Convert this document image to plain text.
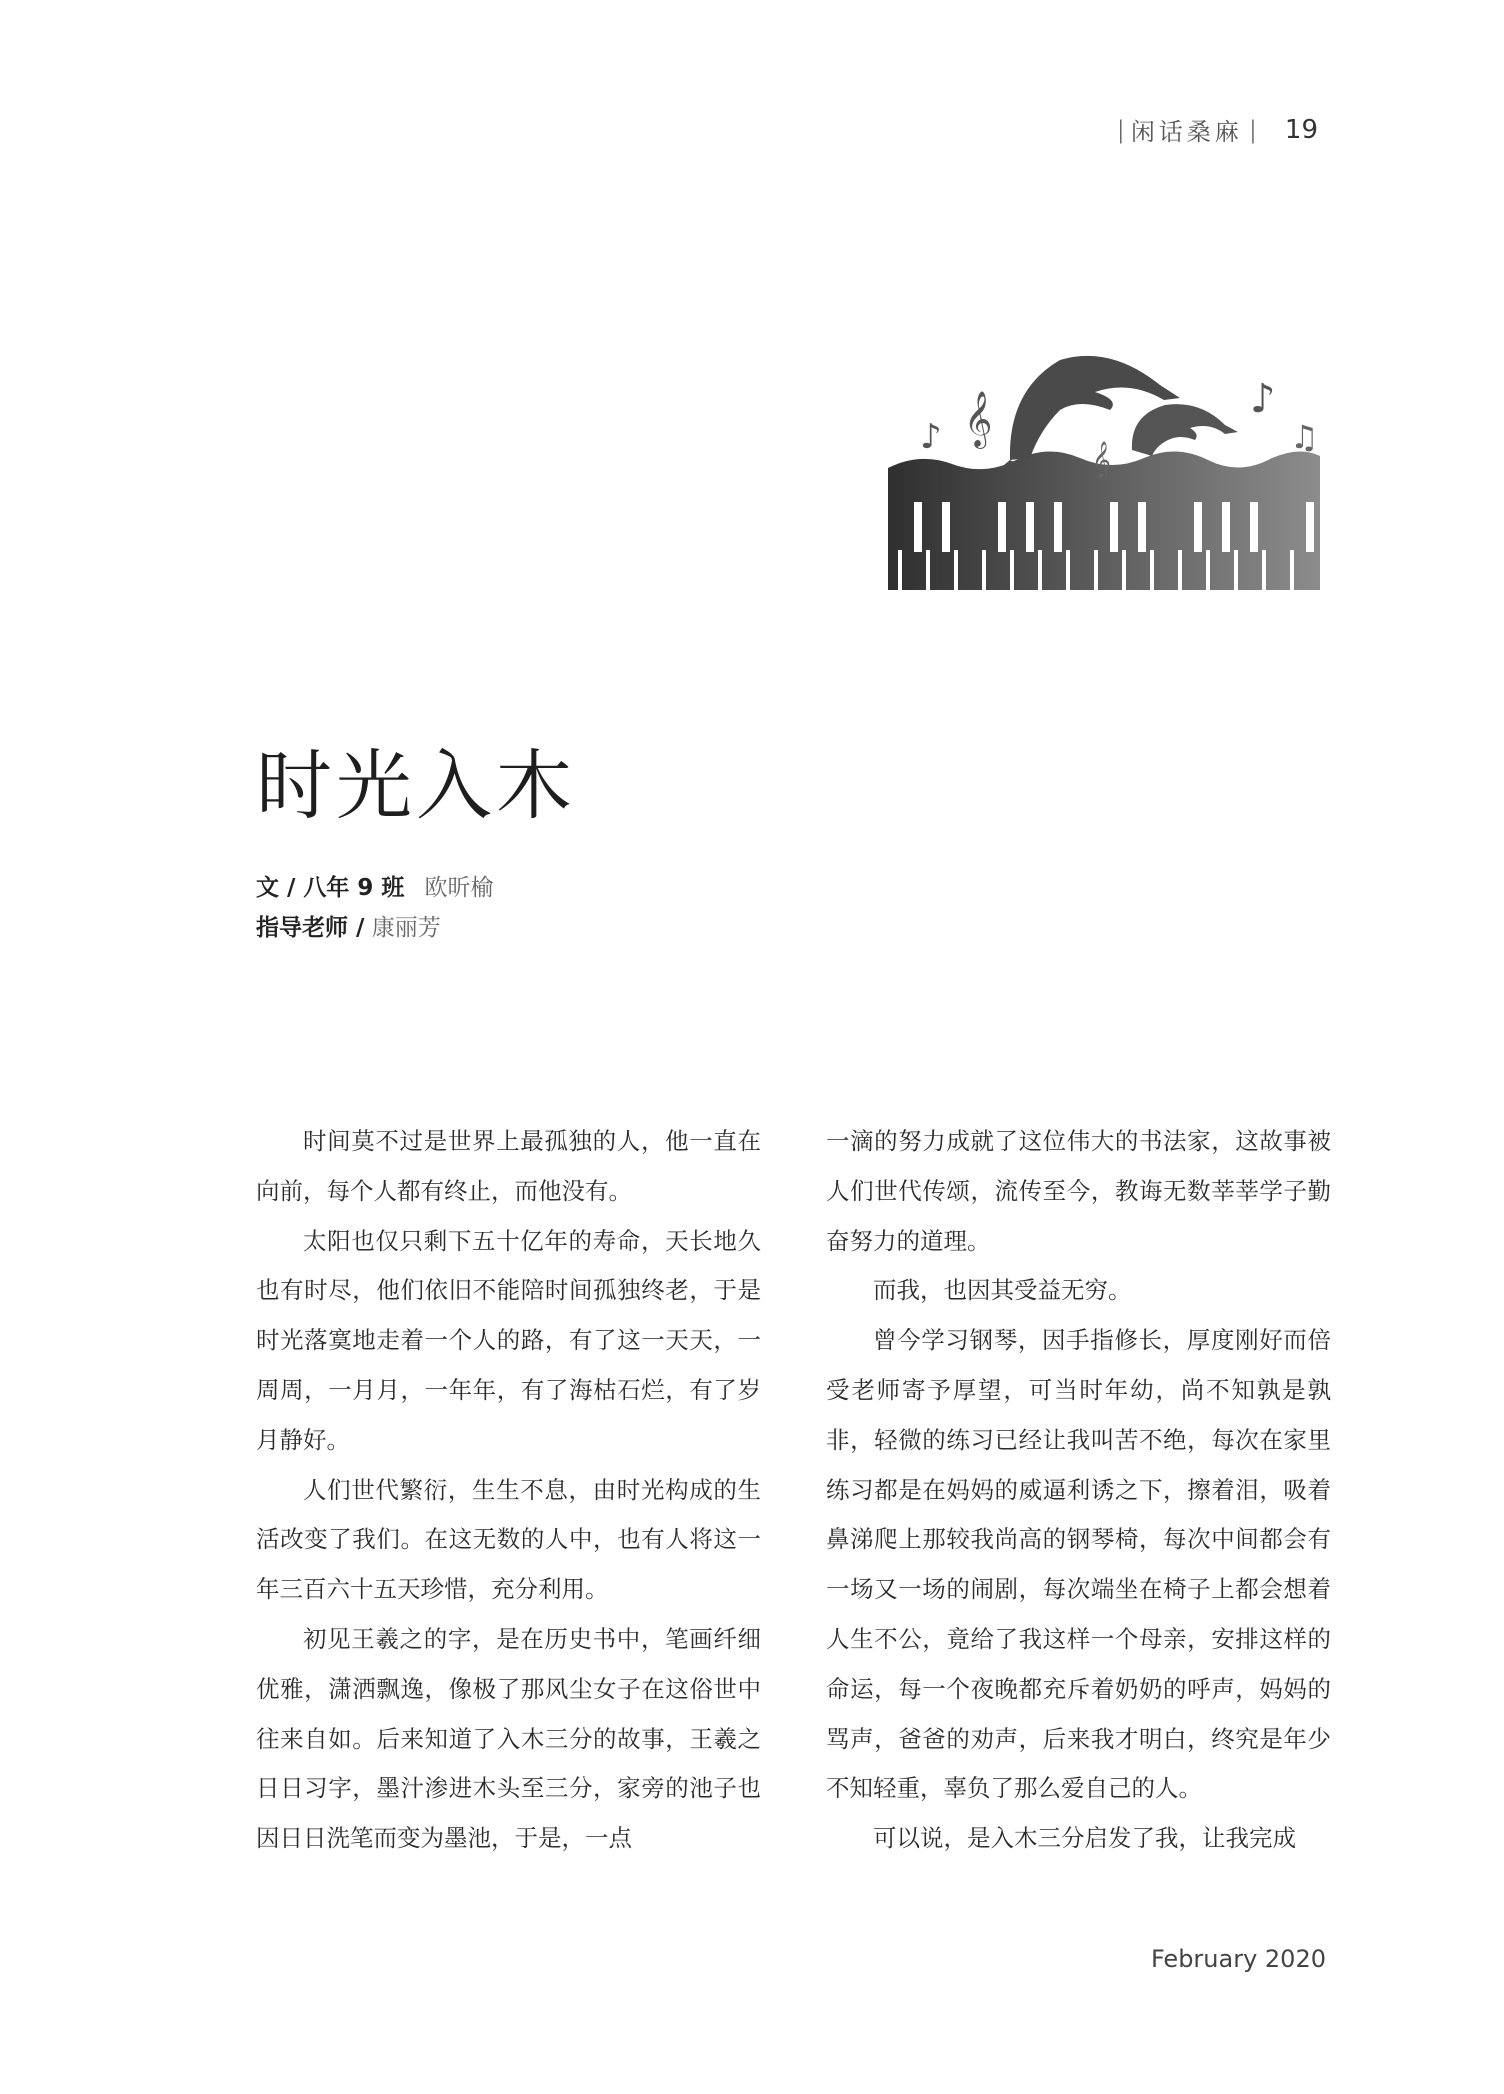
| 闲话桑麻 | 19
♪ 𝄞
𝄞
♪
♫
时光入木
文 / 八年 9 班 欧昕榆
指导老师 / 康丽芳

时间莫不过是世界上最孤独的人，他一直在向前，每个人都有终止，而他没有。

太阳也仅只剩下五十亿年的寿命，天长地久也有时尽，他们依旧不能陪时间孤独终老，于是时光落寞地走着一个人的路，有了这一天天，一周周，一月月，一年年，有了海枯石烂，有了岁月静好。

人们世代繁衍，生生不息，由时光构成的生活改变了我们。在这无数的人中，也有人将这一年三百六十五天珍惜，充分利用。

初见王羲之的字，是在历史书中，笔画纤细优雅，潇洒飘逸，像极了那风尘女子在这俗世中往来自如。后来知道了入木三分的故事，王羲之日日习字，墨汁渗进木头至三分，家旁的池子也因日日洗笔而变为墨池，于是，一点

一滴的努力成就了这位伟大的书法家，这故事被人们世代传颂，流传至今，教诲无数莘莘学子勤奋努力的道理。

而我，也因其受益无穷。

曾今学习钢琴，因手指修长，厚度刚好而倍受老师寄予厚望，可当时年幼，尚不知孰是孰非，轻微的练习已经让我叫苦不绝，每次在家里练习都是在妈妈的威逼利诱之下，擦着泪，吸着鼻涕爬上那较我尚高的钢琴椅，每次中间都会有一场又一场的闹剧，每次端坐在椅子上都会想着人生不公，竟给了我这样一个母亲，安排这样的命运，每一个夜晚都充斥着奶奶的呼声，妈妈的骂声，爸爸的劝声，后来我才明白，终究是年少不知轻重，辜负了那么爱自己的人。

可以说，是入木三分启发了我，让我完成

February 2020
